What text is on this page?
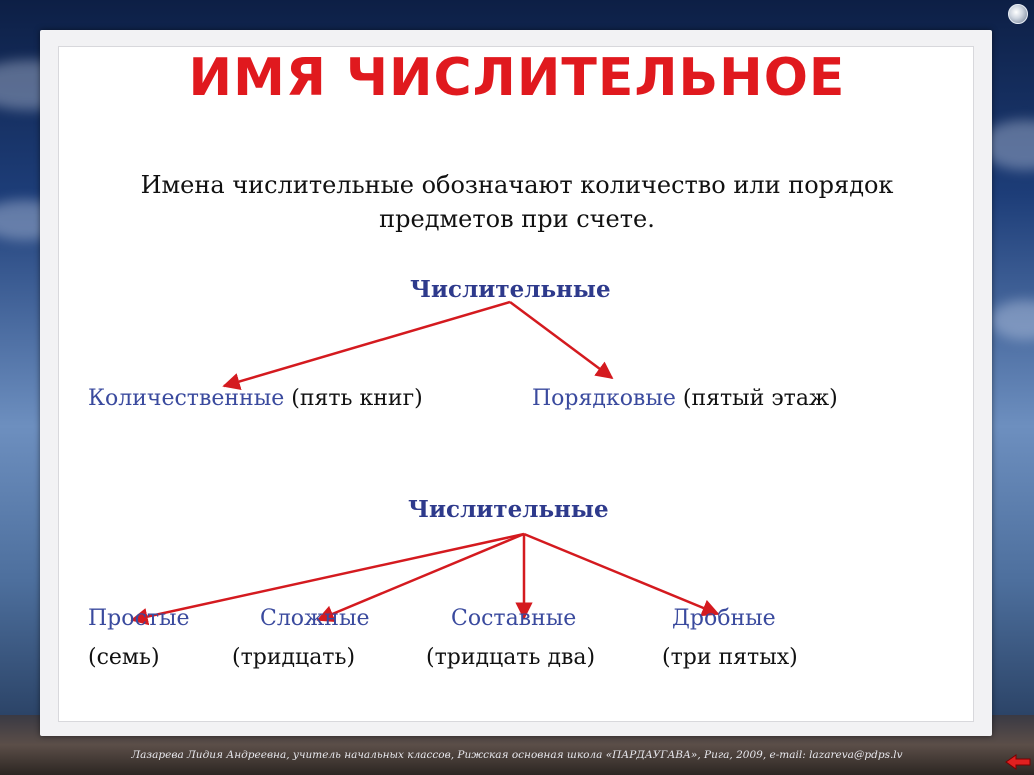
ИМЯ ЧИСЛИТЕЛЬНОЕ
Имена числительные обозначают количество или порядок
предметов при счете.
Числительные
Количественные (пять книг)	Порядковые (пятый этаж)
Числительные
Простые	Сложные	Составные	Дробные
(семь)	(тридцать)	(тридцать два)	(три пятых)
Лазарева Лидия Андреевна, учитель начальных классов, Рижская основная школа «ПАРДАУГАВА», Рига, 2009, e-mail: lazareva@pdps.lv
